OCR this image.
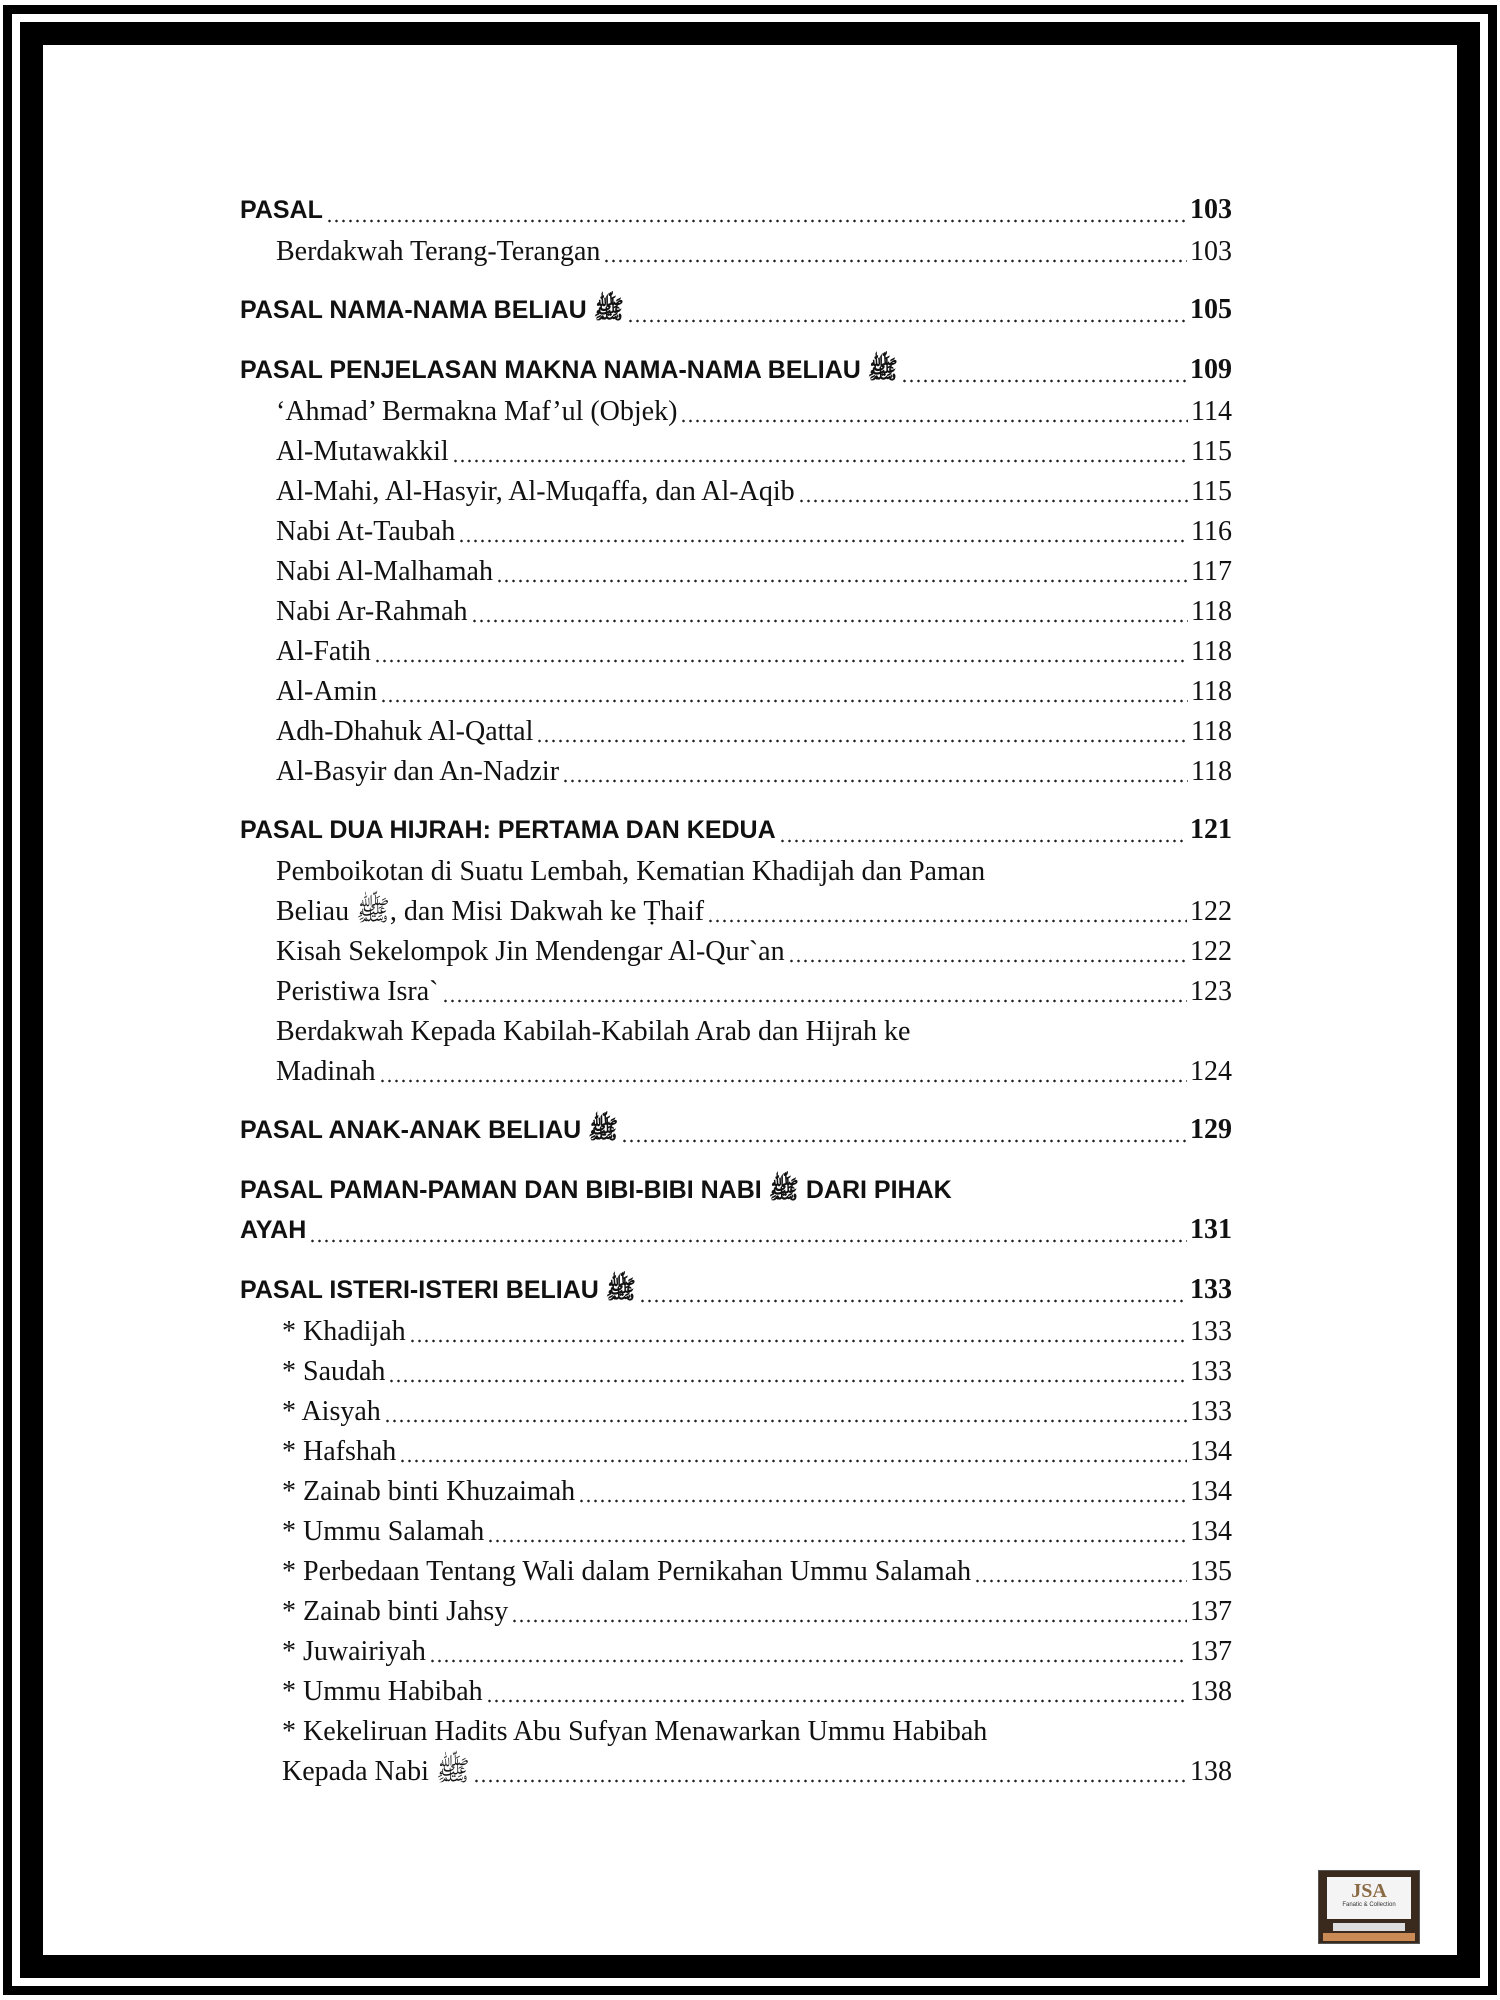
PASAL	103
Berdakwah Terang-Terangan	103
PASAL NAMA-NAMA BELIAU ﷺ	105
PASAL PENJELASAN MAKNA NAMA-NAMA BELIAU ﷺ	109
‘Ahmad’ Bermakna Maf’ul (Objek)	114
Al-Mutawakkil	115
Al-Mahi, Al-Hasyir, Al-Muqaffa, dan Al-Aqib	115
Nabi At-Taubah	116
Nabi Al-Malhamah	117
Nabi Ar-Rahmah	118
Al-Fatih	118
Al-Amin	118
Adh-Dhahuk Al-Qattal	118
Al-Basyir dan An-Nadzir	118
PASAL DUA HIJRAH: PERTAMA DAN KEDUA	121
Pemboikotan di Suatu Lembah, Kematian Khadijah dan Paman
Beliau ﷺ, dan Misi Dakwah ke Ṭhaif	122
Kisah Sekelompok Jin Mendengar Al-Qur`an	122
Peristiwa Isra`	123
Berdakwah Kepada Kabilah-Kabilah Arab dan Hijrah ke
Madinah	124
PASAL ANAK-ANAK BELIAU ﷺ	129
PASAL PAMAN-PAMAN DAN BIBI-BIBI NABI ﷺ DARI PIHAK
AYAH	131
PASAL ISTERI-ISTERI BELIAU ﷺ	133
* Khadijah	133
* Saudah	133
* Aisyah	133
* Hafshah	134
* Zainab binti Khuzaimah	134
* Ummu Salamah	134
* Perbedaan Tentang Wali dalam Pernikahan Ummu Salamah	135
* Zainab binti Jahsy	137
* Juwairiyah	137
* Ummu Habibah	138
* Kekeliruan Hadits Abu Sufyan Menawarkan Ummu Habibah
Kepada Nabi ﷺ	138
JSA
Fanatic & Collection
